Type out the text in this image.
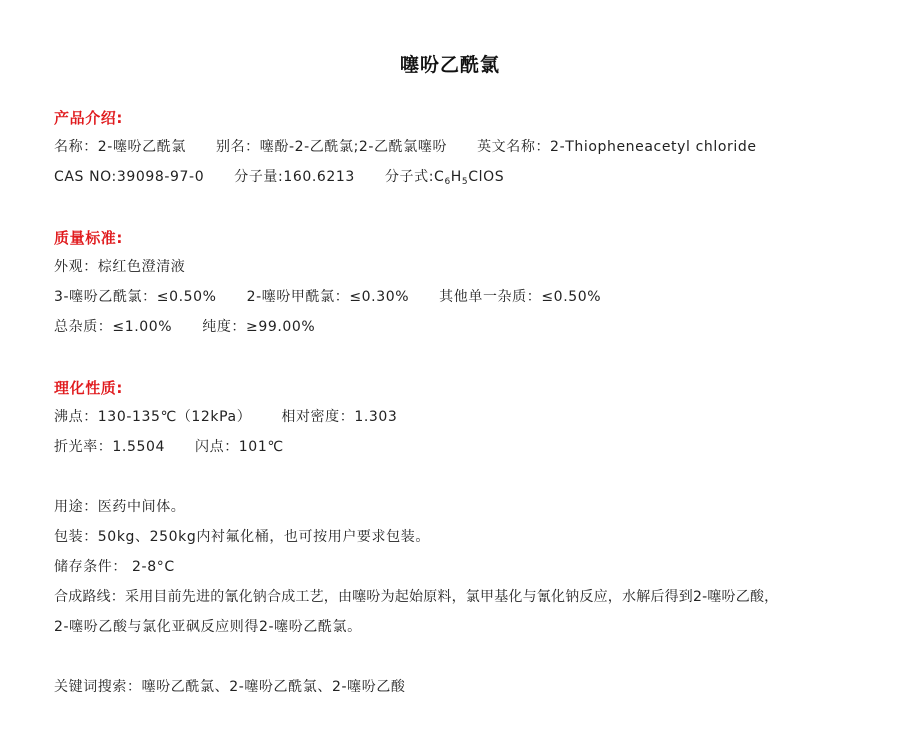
噻吩乙酰氯
产品介绍:
名称：2-噻吩乙酰氯 别名：噻酚-2-乙酰氯;2-乙酰氯噻吩 英文名称：2-Thiopheneacetyl chloride
CAS NO:39098-97-0 分子量:160.6213 分子式$:C_6H_5ClOS$
质量标准:
外观：棕红色澄清液
3-噻吩乙酰氯：≤0.50% 2-噻吩甲酰氯：≤0.30% 其他单一杂质：≤0.50%
总杂质：≤1.00% 纯度：≥99.00%
理化性质:
沸点：130-135℃（12kPa） 相对密度：1.303
折光率：1.5504 闪点：101℃
用途：医药中间体。
包装：50kg、250kg内衬氟化桶，也可按用户要求包装。
储存条件： 2-8°C
合成路线：采用目前先进的氰化钠合成工艺，由噻吩为起始原料，氯甲基化与氰化钠反应，水解后得到2-噻吩乙酸，
2-噻吩乙酸与氯化亚砜反应则得2-噻吩乙酰氯。
关键词搜索：噻吩乙酰氯、2-噻吩乙酰氯、2-噻吩乙酸
